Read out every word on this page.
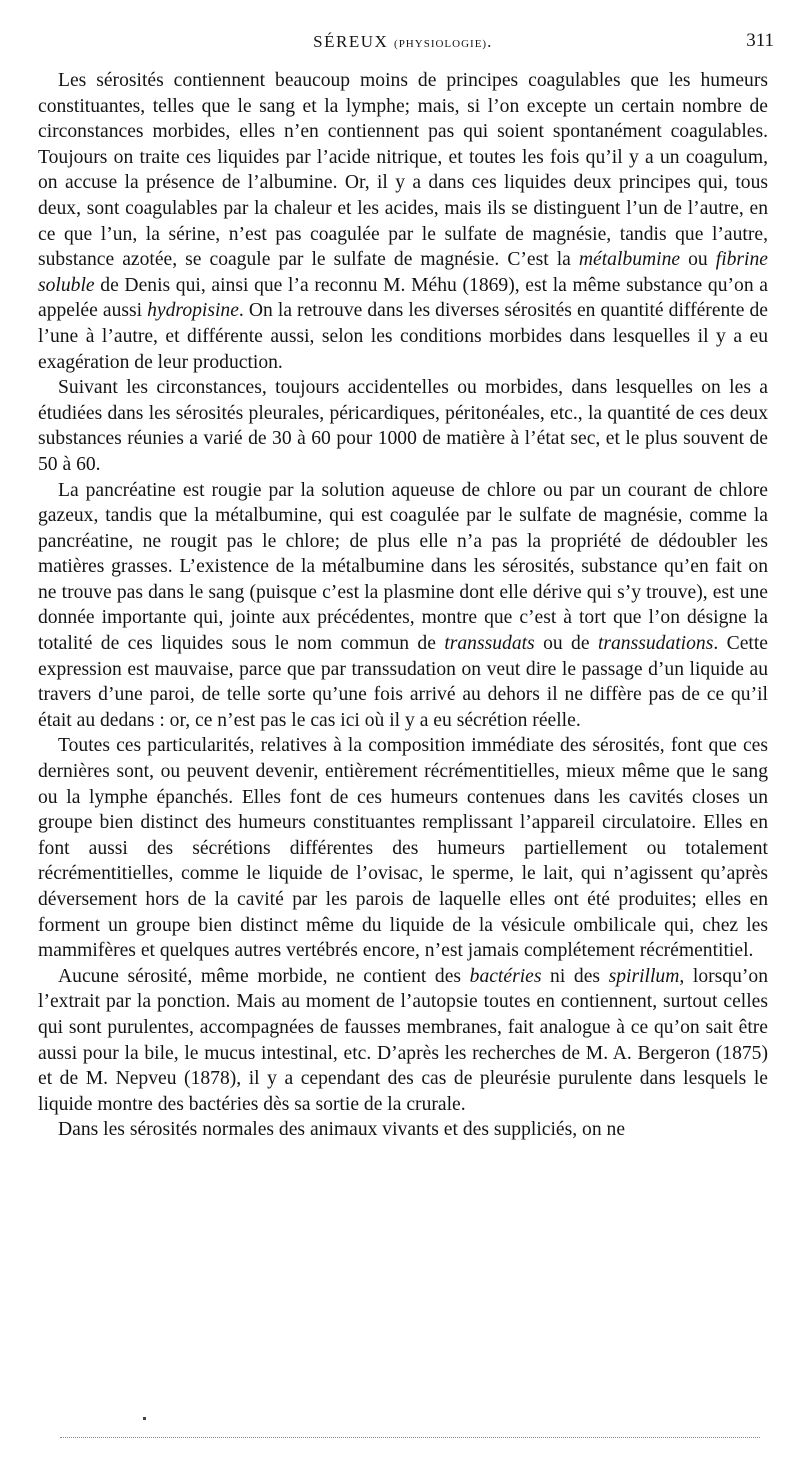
SÉREUX (PHYSIOLOGIE).	311

Les sérosités contiennent beaucoup moins de principes coagulables que les humeurs constituantes, telles que le sang et la lymphe; mais, si l’on excepte un certain nombre de circonstances morbides, elles n’en contiennent pas qui soient spontanément coagulables. Toujours on traite ces liquides par l’acide nitrique, et toutes les fois qu’il y a un coagulum, on accuse la présence de l’albumine. Or, il y a dans ces liquides deux principes qui, tous deux, sont coagulables par la chaleur et les acides, mais ils se distinguent l’un de l’autre, en ce que l’un, la sérine, n’est pas coagulée par le sulfate de magnésie, tandis que l’autre, substance azotée, se coagule par le sulfate de magnésie. C’est la métalbumine ou fibrine soluble de Denis qui, ainsi que l’a reconnu M. Méhu (1869), est la même substance qu’on a appelée aussi hydropisine. On la retrouve dans les diverses sérosités en quantité différente de l’une à l’autre, et différente aussi, selon les conditions morbides dans lesquelles il y a eu exagération de leur production.

Suivant les circonstances, toujours accidentelles ou morbides, dans lesquelles on les a étudiées dans les sérosités pleurales, péricardiques, péritonéales, etc., la quantité de ces deux substances réunies a varié de 30 à 60 pour 1000 de matière à l’état sec, et le plus souvent de 50 à 60.

La pancréatine est rougie par la solution aqueuse de chlore ou par un courant de chlore gazeux, tandis que la métalbumine, qui est coagulée par le sulfate de magnésie, comme la pancréatine, ne rougit pas le chlore; de plus elle n’a pas la propriété de dédoubler les matières grasses. L’existence de la métalbumine dans les sérosités, substance qu’en fait on ne trouve pas dans le sang (puisque c’est la plasmine dont elle dérive qui s’y trouve), est une donnée importante qui, jointe aux précédentes, montre que c’est à tort que l’on désigne la totalité de ces liquides sous le nom commun de transsudats ou de transsudations. Cette expression est mauvaise, parce que par transsudation on veut dire le passage d’un liquide au travers d’une paroi, de telle sorte qu’une fois arrivé au dehors il ne diffère pas de ce qu’il était au dedans : or, ce n’est pas le cas ici où il y a eu sécrétion réelle.

Toutes ces particularités, relatives à la composition immédiate des sérosités, font que ces dernières sont, ou peuvent devenir, entièrement récrémentitielles, mieux même que le sang ou la lymphe épanchés. Elles font de ces humeurs contenues dans les cavités closes un groupe bien distinct des humeurs constituantes remplissant l’appareil circulatoire. Elles en font aussi des sécrétions différentes des humeurs partiellement ou totalement récrémentitielles, comme le liquide de l’ovisac, le sperme, le lait, qui n’agissent qu’après déversement hors de la cavité par les parois de laquelle elles ont été produites; elles en forment un groupe bien distinct même du liquide de la vésicule ombilicale qui, chez les mammifères et quelques autres vertébrés encore, n’est jamais complétement récrémentitiel.

Aucune sérosité, même morbide, ne contient des bactéries ni des spirillum, lorsqu’on l’extrait par la ponction. Mais au moment de l’autopsie toutes en contiennent, surtout celles qui sont purulentes, accompagnées de fausses membranes, fait analogue à ce qu’on sait être aussi pour la bile, le mucus intestinal, etc. D’après les recherches de M. A. Bergeron (1875) et de M. Nepveu (1878), il y a cependant des cas de pleurésie purulente dans lesquels le liquide montre des bactéries dès sa sortie de la crurale.

Dans les sérosités normales des animaux vivants et des suppliciés, on ne
